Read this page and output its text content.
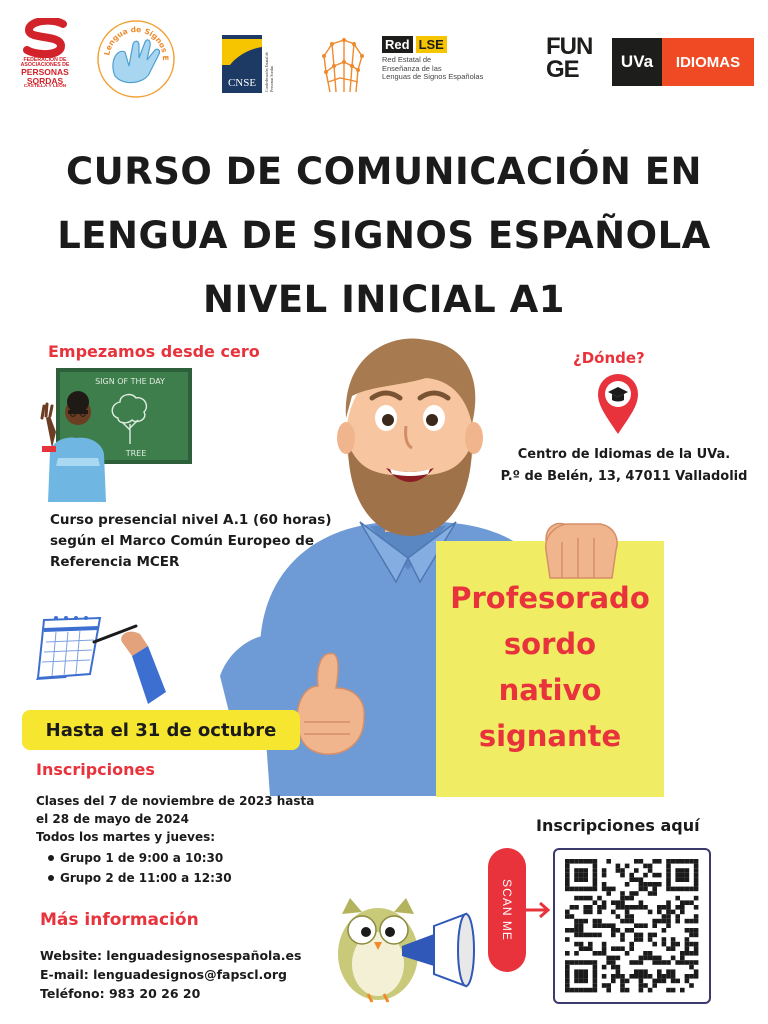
FEDERACIÓN DE
ASOCIACIONES DE
PERSONAS
SORDAS
CASTILLA Y LEÓN
Lengua de Signos E
CNSE	Confederación Estatal de Personas Sordas
Red LSE
Red Estatal de
Enseñanza de las
Lenguas de Signos Españolas
FUN
GE	UVa	IDIOMAS
CURSO DE COMUNICACIÓN EN
LENGUA DE SIGNOS ESPAÑOLA
NIVEL INICIAL A1
Empezamos desde cero
SIGN OF THE DAY
TREE
Curso presencial nivel A.1 (60 horas)
según el Marco Común Europeo de
Referencia MCER
¿Dónde?
Centro de Idiomas de la UVa.
P.º de Belén, 13, 47011 Valladolid
Profesorado
sordo
nativo
signante
Hasta el 31 de octubre
Inscripciones
Clases del 7 de noviembre de 2023 hasta
el 28 de mayo de 2024
Todos los martes y jueves:
Grupo 1 de 9:00 a 10:30
Grupo 2 de 11:00 a 12:30
Más información
Website: lenguadesignosespañola.es
E-mail: lenguadesignos@fapscl.org
Teléfono: 983 20 26 20
Inscripciones aquí
SCAN ME
